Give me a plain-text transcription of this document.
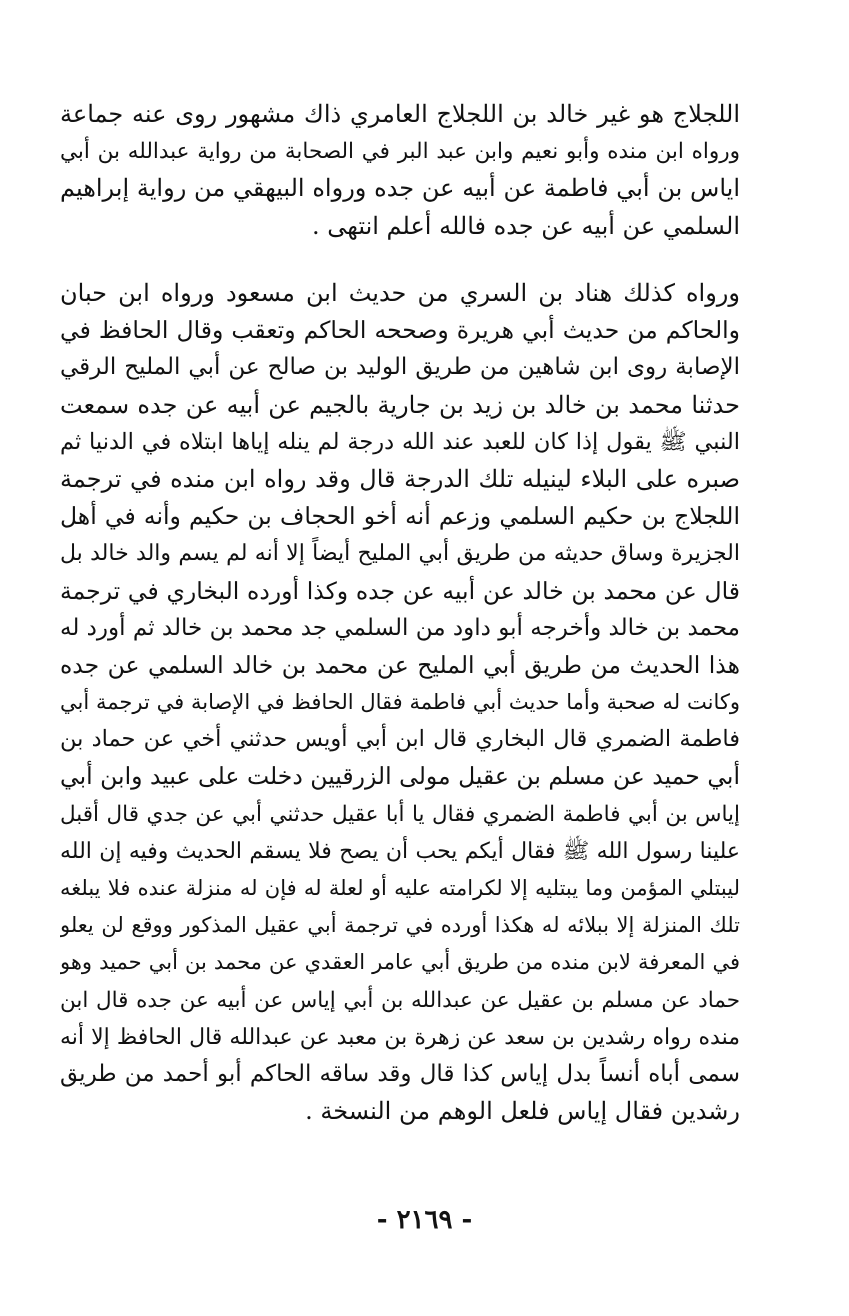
اللجلاج هو غير خالد بن اللجلاج العامري ذاك مشهور روى عنه جماعة
ورواه ابن منده وأبو نعيم وابن عبد البر في الصحابة من رواية عبدالله بن أبي
اياس بن أبي فاطمة عن أبيه عن جده ورواه البيهقي من رواية إبراهيم
السلمي عن أبيه عن جده فالله أعلم انتهى .
ورواه كذلك هناد بن السري من حديث ابن مسعود ورواه ابن حبان
والحاكم من حديث أبي هريرة وصححه الحاكم وتعقب وقال الحافظ في
الإصابة روى ابن شاهين من طريق الوليد بن صالح عن أبي المليح الرقي
حدثنا محمد بن خالد بن زيد بن جارية بالجيم عن أبيه عن جده سمعت
النبي ﷺ يقول إذا كان للعبد عند الله درجة لم ينله إياها ابتلاه في الدنيا ثم
صبره على البلاء لينيله تلك الدرجة قال وقد رواه ابن منده في ترجمة
اللجلاج بن حكيم السلمي وزعم أنه أخو الحجاف بن حكيم وأنه في أهل
الجزيرة وساق حديثه من طريق أبي المليح أيضاً إلا أنه لم يسم والد خالد بل
قال عن محمد بن خالد عن أبيه عن جده وكذا أورده البخاري في ترجمة
محمد بن خالد وأخرجه أبو داود من السلمي جد محمد بن خالد ثم أورد له
هذا الحديث من طريق أبي المليح عن محمد بن خالد السلمي عن جده
وكانت له صحبة وأما حديث أبي فاطمة فقال الحافظ في الإصابة في ترجمة أبي
فاطمة الضمري قال البخاري قال ابن أبي أويس حدثني أخي عن حماد بن
أبي حميد عن مسلم بن عقيل مولى الزرقيين دخلت على عبيد وابن أبي
إياس بن أبي فاطمة الضمري فقال يا أبا عقيل حدثني أبي عن جدي قال أقبل
علينا رسول الله ﷺ فقال أيكم يحب أن يصح فلا يسقم الحديث وفيه إن الله
ليبتلي المؤمن وما يبتليه إلا لكرامته عليه أو لعلة له فإن له منزلة عنده فلا يبلغه
تلك المنزلة إلا ببلائه له هكذا أورده في ترجمة أبي عقيل المذكور ووقع لن يعلو
في المعرفة لابن منده من طريق أبي عامر العقدي عن محمد بن أبي حميد وهو
حماد عن مسلم بن عقيل عن عبدالله بن أبي إياس عن أبيه عن جده قال ابن
منده رواه رشدين بن سعد عن زهرة بن معبد عن عبدالله قال الحافظ إلا أنه
سمى أباه أنساً بدل إياس كذا قال وقد ساقه الحاكم أبو أحمد من طريق
رشدين فقال إياس فلعل الوهم من النسخة .
- ٢١٦٩ -
